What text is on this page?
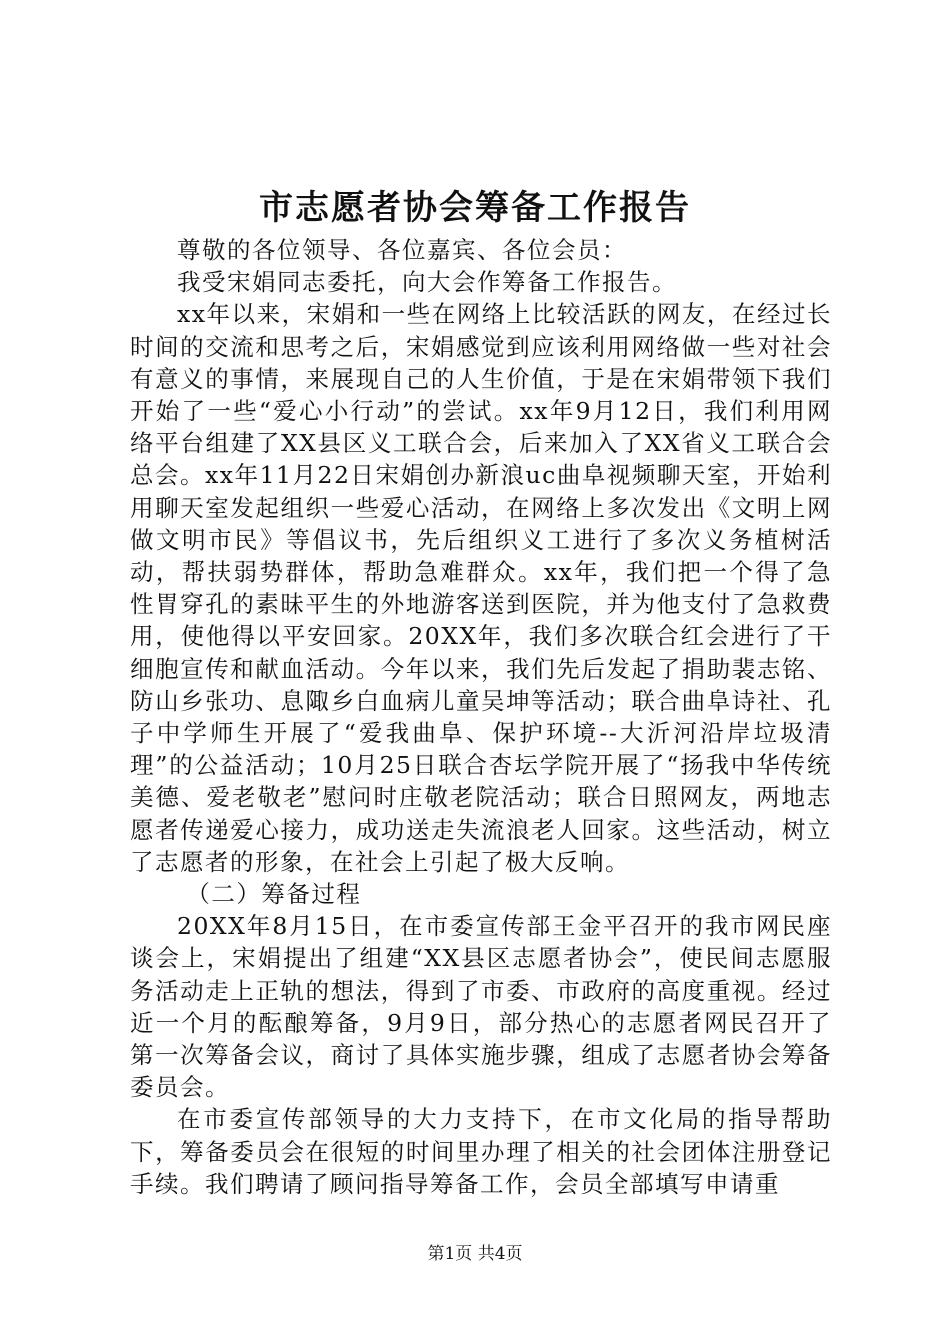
市志愿者协会筹备工作报告

尊敬的各位领导、各位嘉宾、各位会员：

我受宋娟同志委托，向大会作筹备工作报告。

xx年以来，宋娟和一些在网络上比较活跃的网友，在经过长时间的交流和思考之后，宋娟感觉到应该利用网络做一些对社会有意义的事情，来展现自己的人生价值，于是在宋娟带领下我们开始了一些“爱心小行动”的尝试。xx年9月12日，我们利用网络平台组建了XX县区义工联合会，后来加入了XX省义工联合会总会。xx年11月22日宋娟创办新浪uc曲阜视频聊天室，开始利用聊天室发起组织一些爱心活动，在网络上多次发出《文明上网做文明市民》等倡议书，先后组织义工进行了多次义务植树活动，帮扶弱势群体，帮助急难群众。xx年，我们把一个得了急性胃穿孔的素昧平生的外地游客送到医院，并为他支付了急救费用，使他得以平安回家。20XX年，我们多次联合红会进行了干细胞宣传和献血活动。今年以来，我们先后发起了捐助裴志铭、防山乡张功、息陬乡白血病儿童吴坤等活动；联合曲阜诗社、孔子中学师生开展了“爱我曲阜、保护环境--大沂河沿岸垃圾清理”的公益活动；10月25日联合杏坛学院开展了“扬我中华传统美德、爱老敬老”慰问时庄敬老院活动；联合日照网友，两地志愿者传递爱心接力，成功送走失流浪老人回家。这些活动，树立了志愿者的形象，在社会上引起了极大反响。

（二）筹备过程

20XX年8月15日，在市委宣传部王金平召开的我市网民座谈会上，宋娟提出了组建“XX县区志愿者协会”，使民间志愿服务活动走上正轨的想法，得到了市委、市政府的高度重视。经过近一个月的酝酿筹备，9月9日，部分热心的志愿者网民召开了第一次筹备会议，商讨了具体实施步骤，组成了志愿者协会筹备委员会。

在市委宣传部领导的大力支持下，在市文化局的指导帮助下，筹备委员会在很短的时间里办理了相关的社会团体注册登记手续。我们聘请了顾问指导筹备工作，会员全部填写申请重

第1页 共4页
